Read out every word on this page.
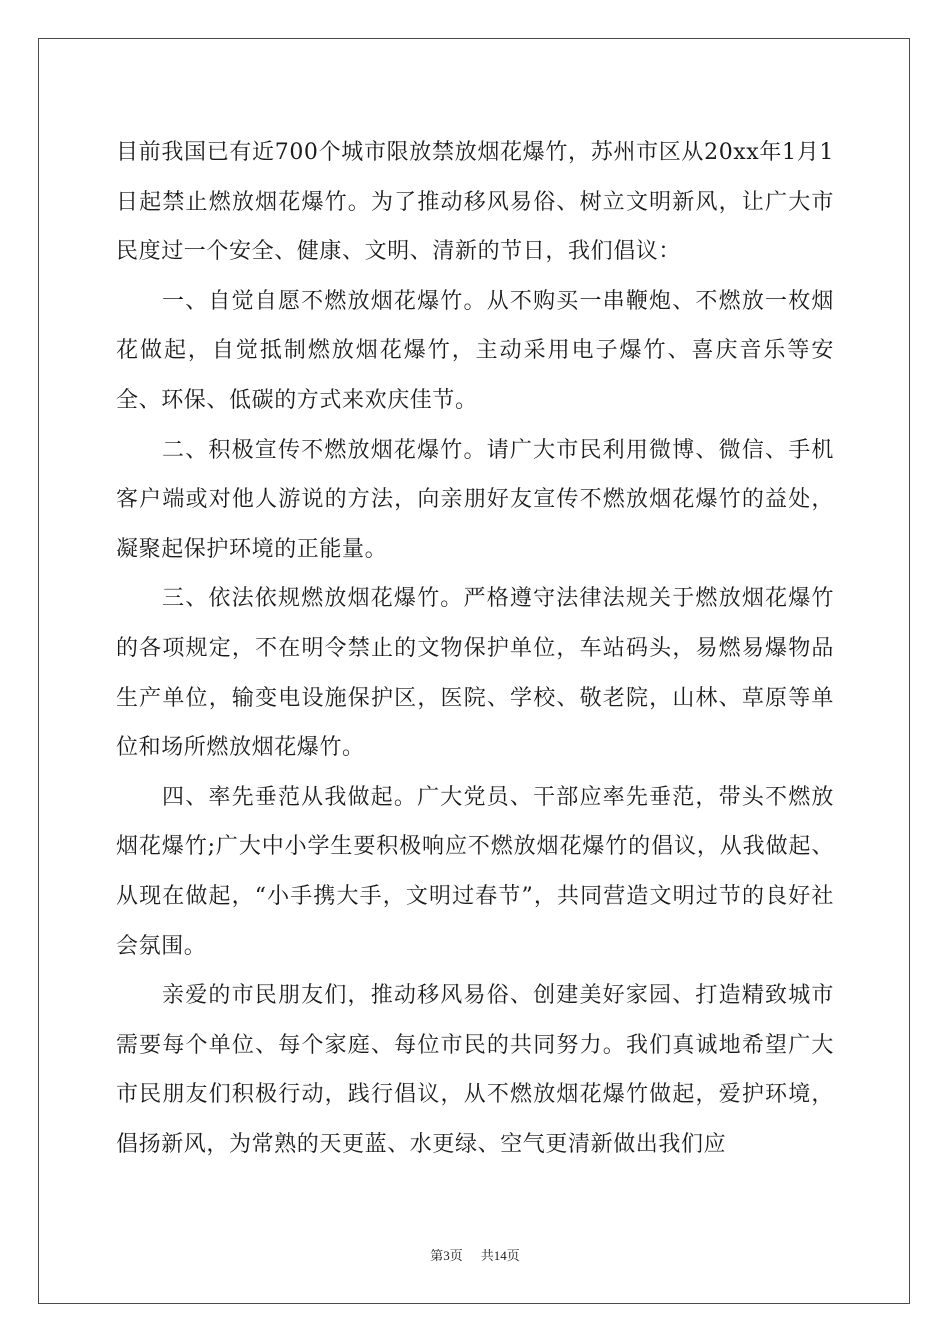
目前我国已有近700个城市限放禁放烟花爆竹，苏州市区从20xx年1月1日起禁止燃放烟花爆竹。为了推动移风易俗、树立文明新风，让广大市民度过一个安全、健康、文明、清新的节日，我们倡议：

一、自觉自愿不燃放烟花爆竹。从不购买一串鞭炮、不燃放一枚烟花做起，自觉抵制燃放烟花爆竹，主动采用电子爆竹、喜庆音乐等安全、环保、低碳的方式来欢庆佳节。

二、积极宣传不燃放烟花爆竹。请广大市民利用微博、微信、手机客户端或对他人游说的方法，向亲朋好友宣传不燃放烟花爆竹的益处，凝聚起保护环境的正能量。

三、依法依规燃放烟花爆竹。严格遵守法律法规关于燃放烟花爆竹的各项规定，不在明令禁止的文物保护单位，车站码头，易燃易爆物品生产单位，输变电设施保护区，医院、学校、敬老院，山林、草原等单位和场所燃放烟花爆竹。

四、率先垂范从我做起。广大党员、干部应率先垂范，带头不燃放烟花爆竹;广大中小学生要积极响应不燃放烟花爆竹的倡议，从我做起、从现在做起，“小手携大手，文明过春节”，共同营造文明过节的良好社会氛围。

亲爱的市民朋友们，推动移风易俗、创建美好家园、打造精致城市需要每个单位、每个家庭、每位市民的共同努力。我们真诚地希望广大市民朋友们积极行动，践行倡议，从不燃放烟花爆竹做起，爱护环境，倡扬新风，为常熟的天更蓝、水更绿、空气更清新做出我们应

第3页 共14页
